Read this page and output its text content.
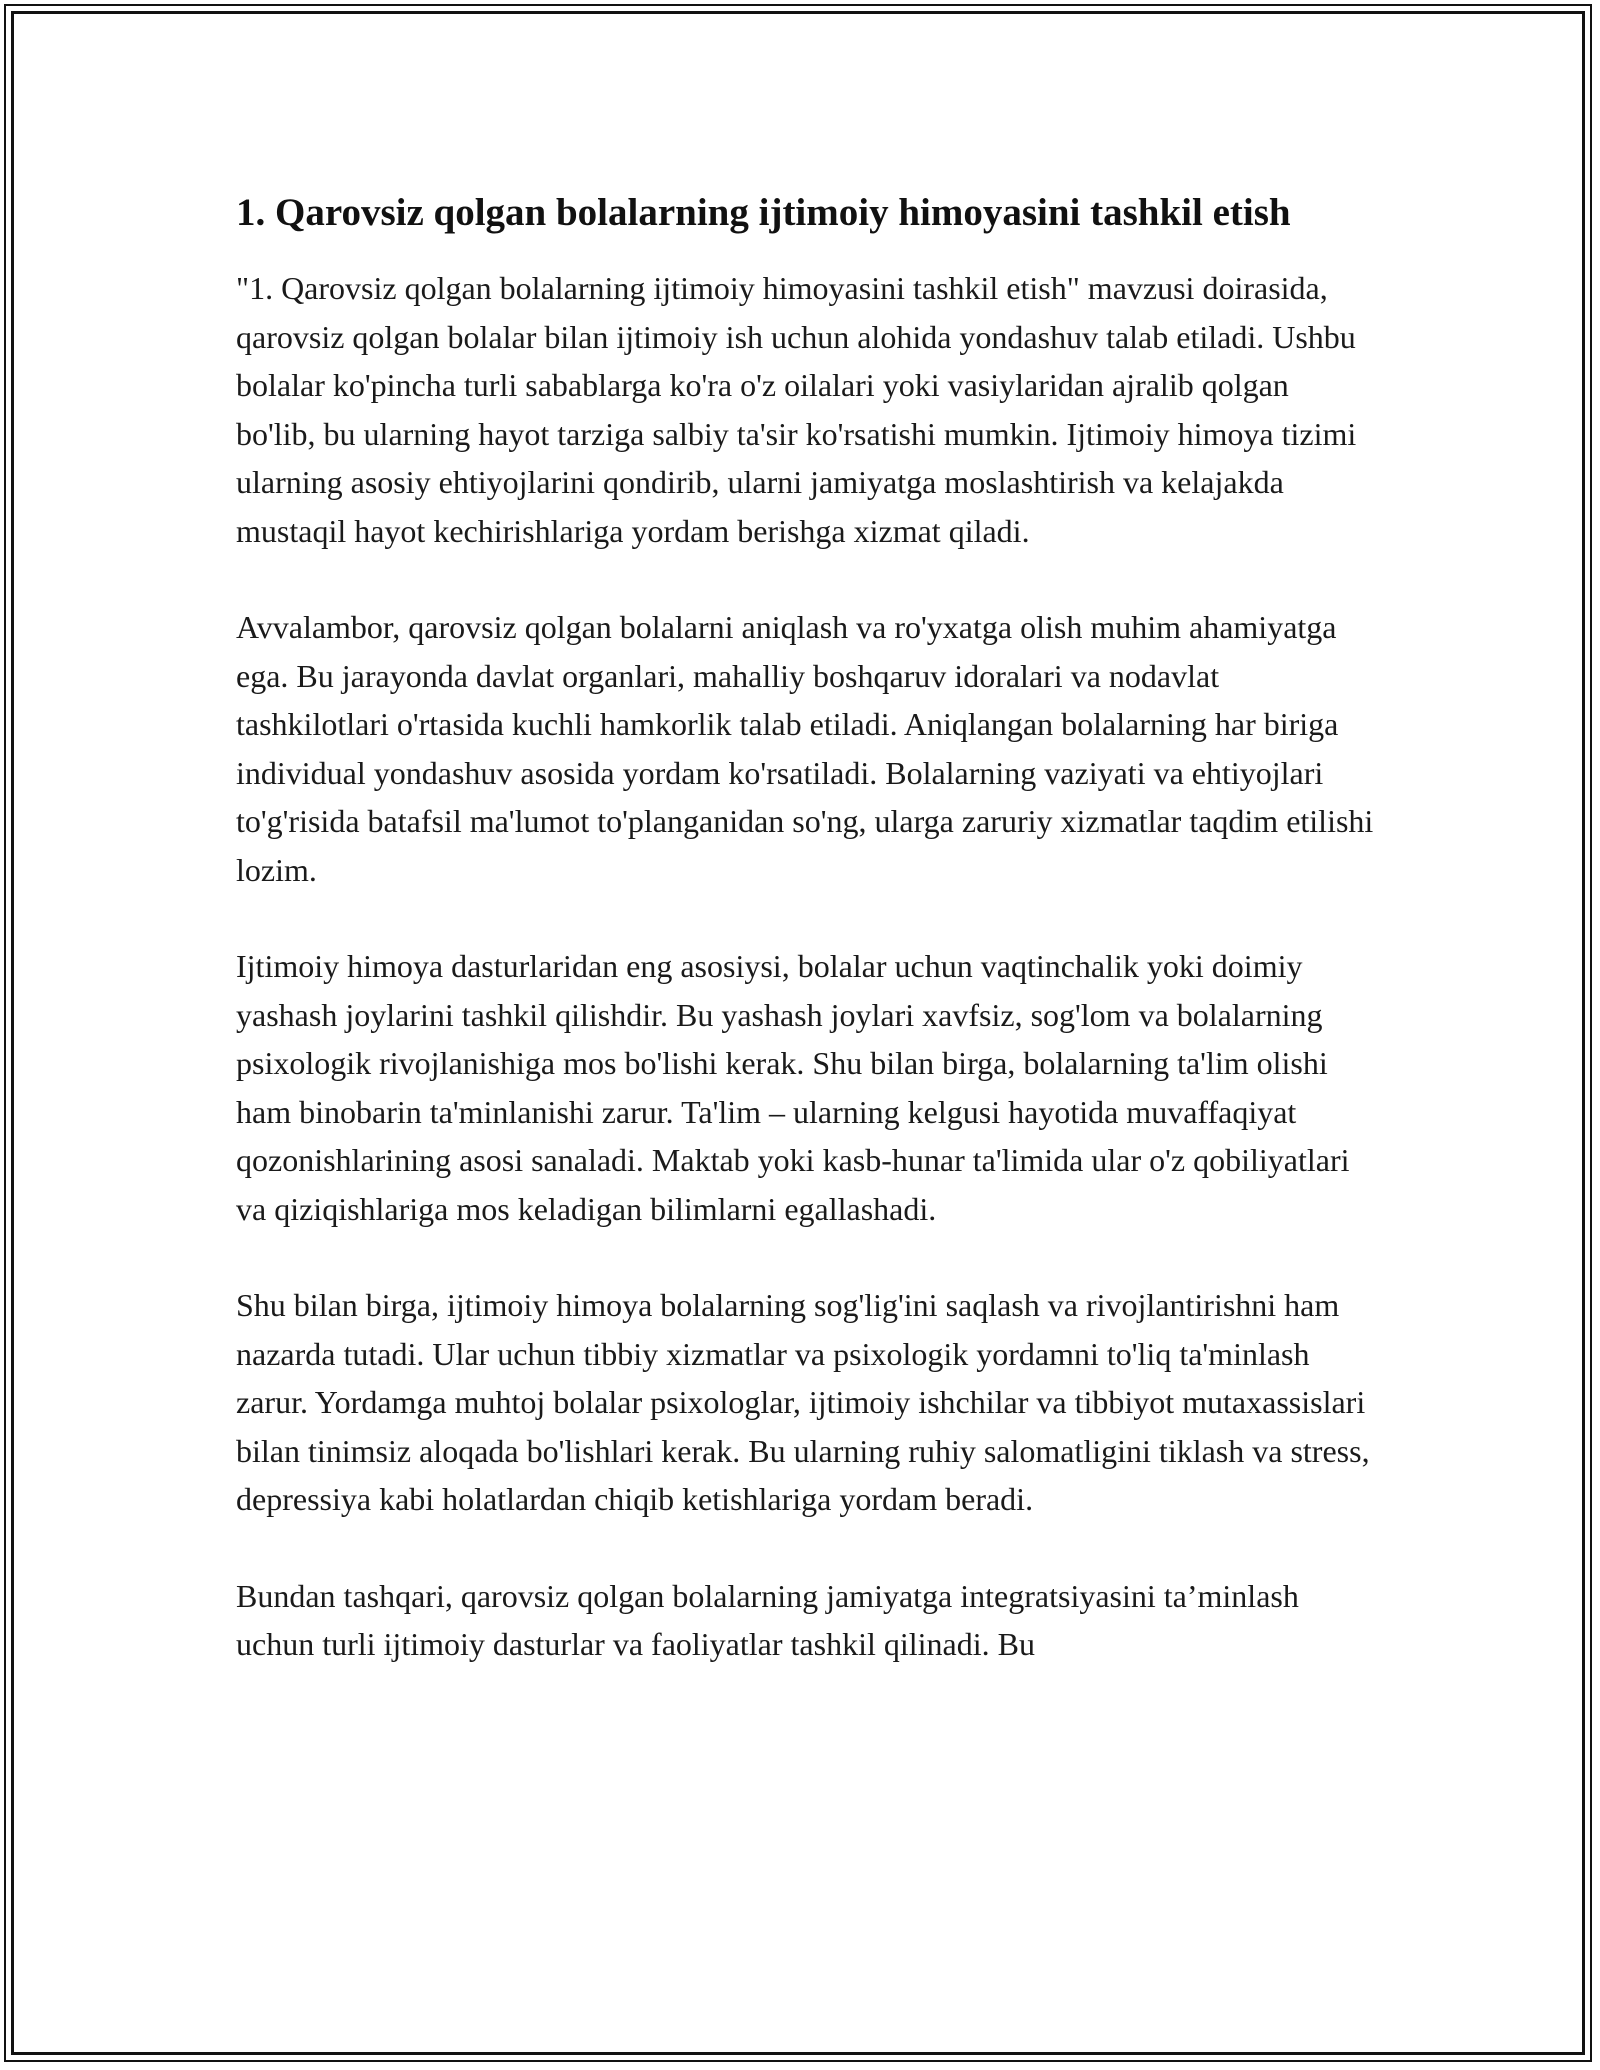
1. Qarovsiz qolgan bolalarning ijtimoiy himoyasini tashkil etish

"1. Qarovsiz qolgan bolalarning ijtimoiy himoyasini tashkil etish" mavzusi doirasida, qarovsiz qolgan bolalar bilan ijtimoiy ish uchun alohida yondashuv talab etiladi. Ushbu bolalar ko'pincha turli sabablarga ko'ra o'z oilalari yoki vasiylaridan ajralib qolgan bo'lib, bu ularning hayot tarziga salbiy ta'sir ko'rsatishi mumkin. Ijtimoiy himoya tizimi ularning asosiy ehtiyojlarini qondirib, ularni jamiyatga moslashtirish va kelajakda mustaqil hayot kechirishlariga yordam berishga xizmat qiladi.

Avvalambor, qarovsiz qolgan bolalarni aniqlash va ro'yxatga olish muhim ahamiyatga ega. Bu jarayonda davlat organlari, mahalliy boshqaruv idoralari va nodavlat tashkilotlari o'rtasida kuchli hamkorlik talab etiladi. Aniqlangan bolalarning har biriga individual yondashuv asosida yordam ko'rsatiladi. Bolalarning vaziyati va ehtiyojlari to'g'risida batafsil ma'lumot to'planganidan so'ng, ularga zaruriy xizmatlar taqdim etilishi lozim.

Ijtimoiy himoya dasturlaridan eng asosiysi, bolalar uchun vaqtinchalik yoki doimiy yashash joylarini tashkil qilishdir. Bu yashash joylari xavfsiz, sog'lom va bolalarning psixologik rivojlanishiga mos bo'lishi kerak. Shu bilan birga, bolalarning ta'lim olishi ham binobarin ta'minlanishi zarur. Ta'lim – ularning kelgusi hayotida muvaffaqiyat qozonishlarining asosi sanaladi. Maktab yoki kasb-hunar ta'limida ular o'z qobiliyatlari va qiziqishlariga mos keladigan bilimlarni egallashadi.

Shu bilan birga, ijtimoiy himoya bolalarning sog'lig'ini saqlash va rivojlantirishni ham nazarda tutadi. Ular uchun tibbiy xizmatlar va psixologik yordamni to'liq ta'minlash zarur. Yordamga muhtoj bolalar psixologlar, ijtimoiy ishchilar va tibbiyot mutaxassislari bilan tinimsiz aloqada bo'lishlari kerak. Bu ularning ruhiy salomatligini tiklash va stress, depressiya kabi holatlardan chiqib ketishlariga yordam beradi.

Bundan tashqari, qarovsiz qolgan bolalarning jamiyatga integratsiyasini ta’minlash uchun turli ijtimoiy dasturlar va faoliyatlar tashkil qilinadi. Bu
